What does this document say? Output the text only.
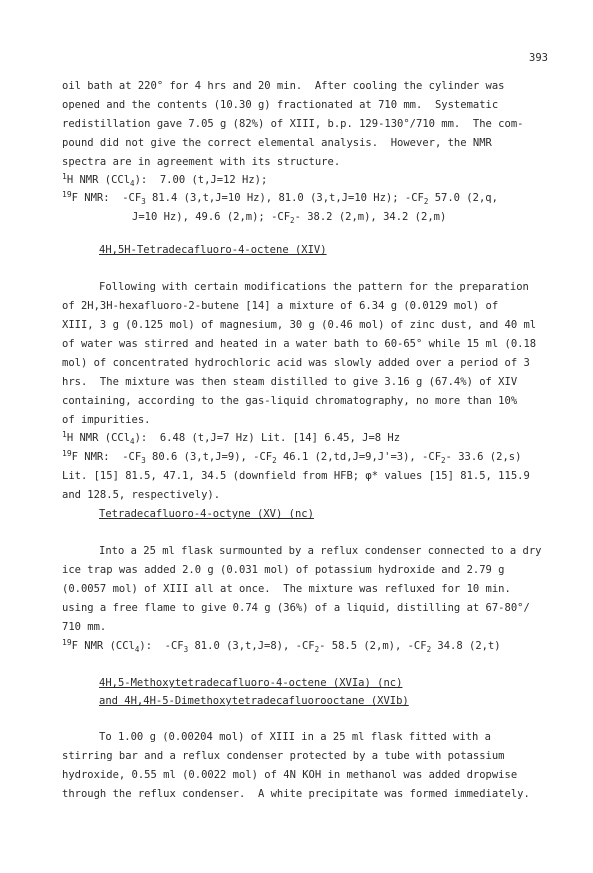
393
oil bath at 220° for 4 hrs and 20 min.  After cooling the cylinder was
opened and the contents (10.30 g) fractionated at 710 mm.  Systematic
redistillation gave 7.05 g (82%) of XIII, b.p. 129-130°/710 mm.  The com-
pound did not give the correct elemental analysis.  However, the NMR
spectra are in agreement with its structure.
$^1$H NMR (CCl$_4$):  7.00 (t,J=12 Hz);
$^{19}$F NMR:  $-CF_3$ 81.4 (3,t,J=10 Hz), 81.0 (3,t,J=10 Hz); $-CF_2$ 57.0 (2,q,
J=10 Hz), 49.6 (2,m); $-CF_2-$ 38.2 (2,m), 34.2 (2,m)
4H,5H-Tetradecafluoro-4-octene (XIV)
Following with certain modifications the pattern for the preparation
of 2H,3H-hexafluoro-2-butene [14] a mixture of 6.34 g (0.0129 mol) of
XIII, 3 g (0.125 mol) of magnesium, 30 g (0.46 mol) of zinc dust, and 40 ml
of water was stirred and heated in a water bath to 60-65° while 15 ml (0.18
mol) of concentrated hydrochloric acid was slowly added over a period of 3
hrs.  The mixture was then steam distilled to give 3.16 g (67.4%) of XIV
containing, according to the gas-liquid chromatography, no more than 10%
of impurities.
$^1$H NMR (CCl$_4$):  6.48 (t,J=7 Hz) Lit. [14] 6.45, J=8 Hz
$^{19}$F NMR:  $-CF_3$ 80.6 (3,t,J=9), $-CF_2$ 46.1 (2,td,J=9,J'=3), $-CF_2-$ 33.6 (2,s)
Lit. [15] 81.5, 47.1, 34.5 (downfield from HFB; φ* values [15] 81.5, 115.9
and 128.5, respectively).
Tetradecafluoro-4-octyne (XV) (nc)
Into a 25 ml flask surmounted by a reflux condenser connected to a dry
ice trap was added 2.0 g (0.031 mol) of potassium hydroxide and 2.79 g
(0.0057 mol) of XIII all at once.  The mixture was refluxed for 10 min.
using a free flame to give 0.74 g (36%) of a liquid, distilling at 67-80°/
710 mm.
$^{19}$F NMR (CCl$_4$):  $-CF_3$ 81.0 (3,t,J=8), $-CF_2-$ 58.5 (2,m), $-CF_2$ 34.8 (2,t)
4H,5-Methoxytetradecafluoro-4-octene (XVIa) (nc)
and 4H,4H-5-Dimethoxytetradecafluorooctane (XVIb)
To 1.00 g (0.00204 mol) of XIII in a 25 ml flask fitted with a
stirring bar and a reflux condenser protected by a tube with potassium
hydroxide, 0.55 ml (0.0022 mol) of 4N KOH in methanol was added dropwise
through the reflux condenser.  A white precipitate was formed immediately.
